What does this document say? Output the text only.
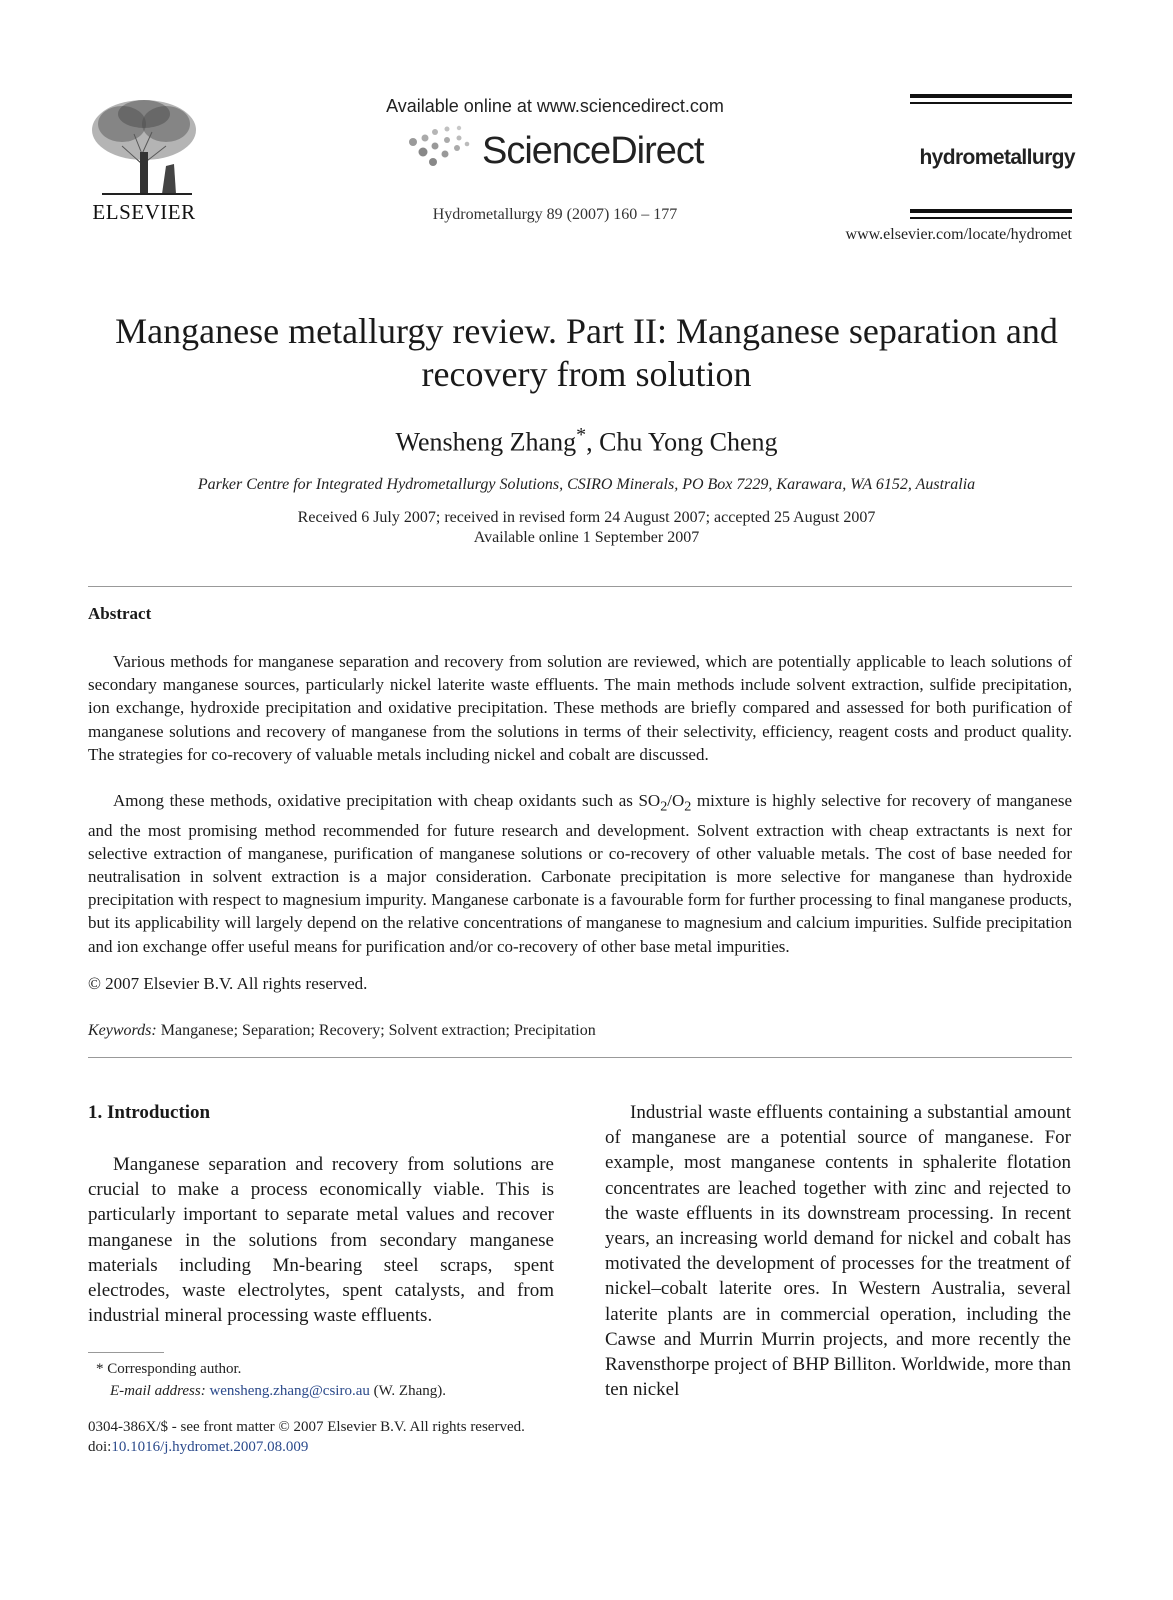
ELSEVIER
Available online at www.sciencedirect.com
ScienceDirect
Hydrometallurgy 89 (2007) 160 – 177
hydrometallurgy
www.elsevier.com/locate/hydromet
Manganese metallurgy review. Part II: Manganese separation and recovery from solution
Wensheng Zhang*, Chu Yong Cheng
Parker Centre for Integrated Hydrometallurgy Solutions, CSIRO Minerals, PO Box 7229, Karawara, WA 6152, Australia
Received 6 July 2007; received in revised form 24 August 2007; accepted 25 August 2007
Available online 1 September 2007
Abstract

Various methods for manganese separation and recovery from solution are reviewed, which are potentially applicable to leach solutions of secondary manganese sources, particularly nickel laterite waste effluents. The main methods include solvent extraction, sulfide precipitation, ion exchange, hydroxide precipitation and oxidative precipitation. These methods are briefly compared and assessed for both purification of manganese solutions and recovery of manganese from the solutions in terms of their selectivity, efficiency, reagent costs and product quality. The strategies for co-recovery of valuable metals including nickel and cobalt are discussed.

Among these methods, oxidative precipitation with cheap oxidants such as $SO_2/O_2$ mixture is highly selective for recovery of manganese and the most promising method recommended for future research and development. Solvent extraction with cheap extractants is next for selective extraction of manganese, purification of manganese solutions or co-recovery of other valuable metals. The cost of base needed for neutralisation in solvent extraction is a major consideration. Carbonate precipitation is more selective for manganese than hydroxide precipitation with respect to magnesium impurity. Manganese carbonate is a favourable form for further processing to final manganese products, but its applicability will largely depend on the relative concentrations of manganese to magnesium and calcium impurities. Sulfide precipitation and ion exchange offer useful means for purification and/or co-recovery of other base metal impurities.

© 2007 Elsevier B.V. All rights reserved.
Keywords: Manganese; Separation; Recovery; Solvent extraction; Precipitation
1. Introduction

Manganese separation and recovery from solutions are crucial to make a process economically viable. This is particularly important to separate metal values and recover manganese in the solutions from secondary manganese materials including Mn-bearing steel scraps, spent electrodes, waste electrolytes, spent catalysts, and from industrial mineral processing waste effluents.

Industrial waste effluents containing a substantial amount of manganese are a potential source of manganese. For example, most manganese contents in sphalerite flotation concentrates are leached together with zinc and rejected to the waste effluents in its downstream processing. In recent years, an increasing world demand for nickel and cobalt has motivated the development of processes for the treatment of nickel–cobalt laterite ores. In Western Australia, several laterite plants are in commercial operation, including the Cawse and Murrin Murrin projects, and more recently the Ravensthorpe project of BHP Billiton. Worldwide, more than ten nickel

* Corresponding author.
E-mail address: wensheng.zhang@csiro.au (W. Zhang).
0304-386X/$ - see front matter © 2007 Elsevier B.V. All rights reserved.
doi:10.1016/j.hydromet.2007.08.009
